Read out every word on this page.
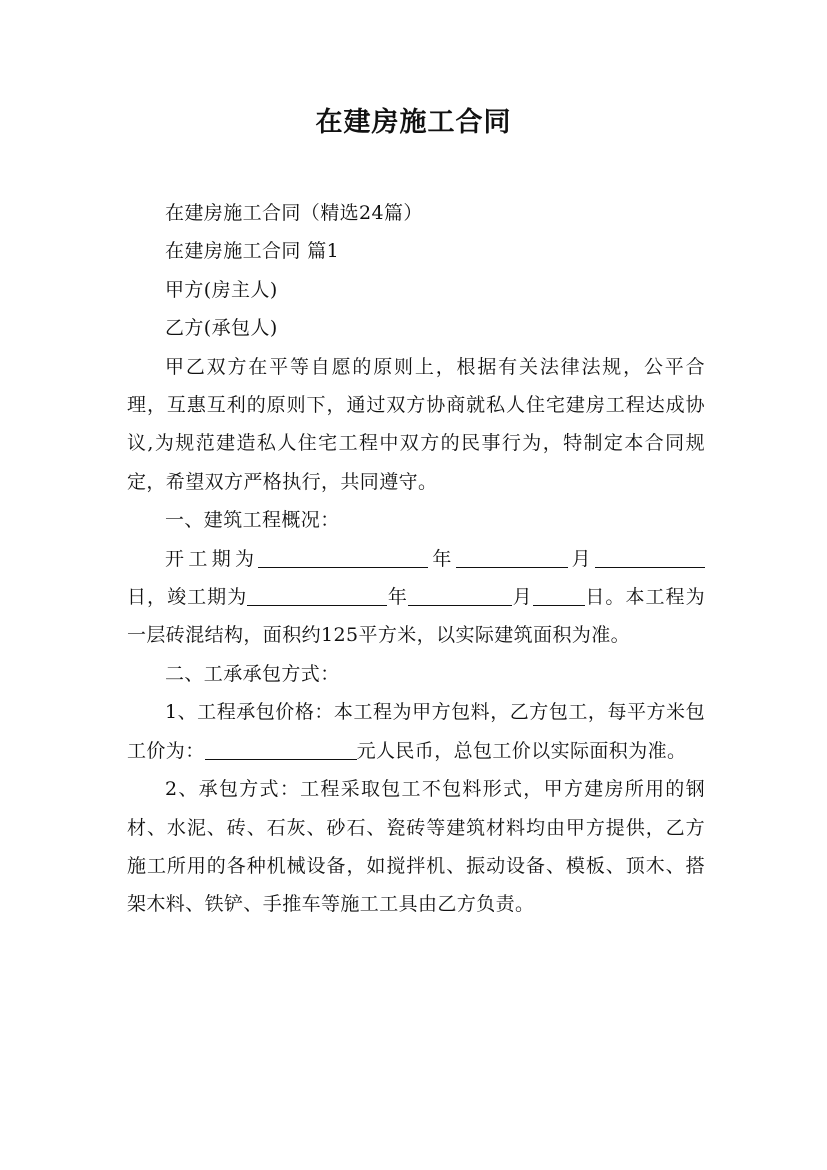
在建房施工合同

在建房施工合同（精选24篇）

在建房施工合同 篇1

甲方(房主人)

乙方(承包人)

甲乙双方在平等自愿的原则上，根据有关法律法规，公平合理，互惠互利的原则下，通过双方协商就私人住宅建房工程达成协议,为规范建造私人住宅工程中双方的民事行为，特制定本合同规定，希望双方严格执行，共同遵守。

一、建筑工程概况：

开工期为	年	月日，竣工期为	年	月	日。本工程为一层砖混结构，面积约125平方米，以实际建筑面积为准。

二、工承承包方式：

1、工程承包价格：本工程为甲方包料，乙方包工，每平方米包工价为：	元人民币，总包工价以实际面积为准。

2、承包方式：工程采取包工不包料形式，甲方建房所用的钢材、水泥、砖、石灰、砂石、瓷砖等建筑材料均由甲方提供，乙方施工所用的各种机械设备，如搅拌机、振动设备、模板、顶木、搭架木料、铁铲、手推车等施工工具由乙方负责。
